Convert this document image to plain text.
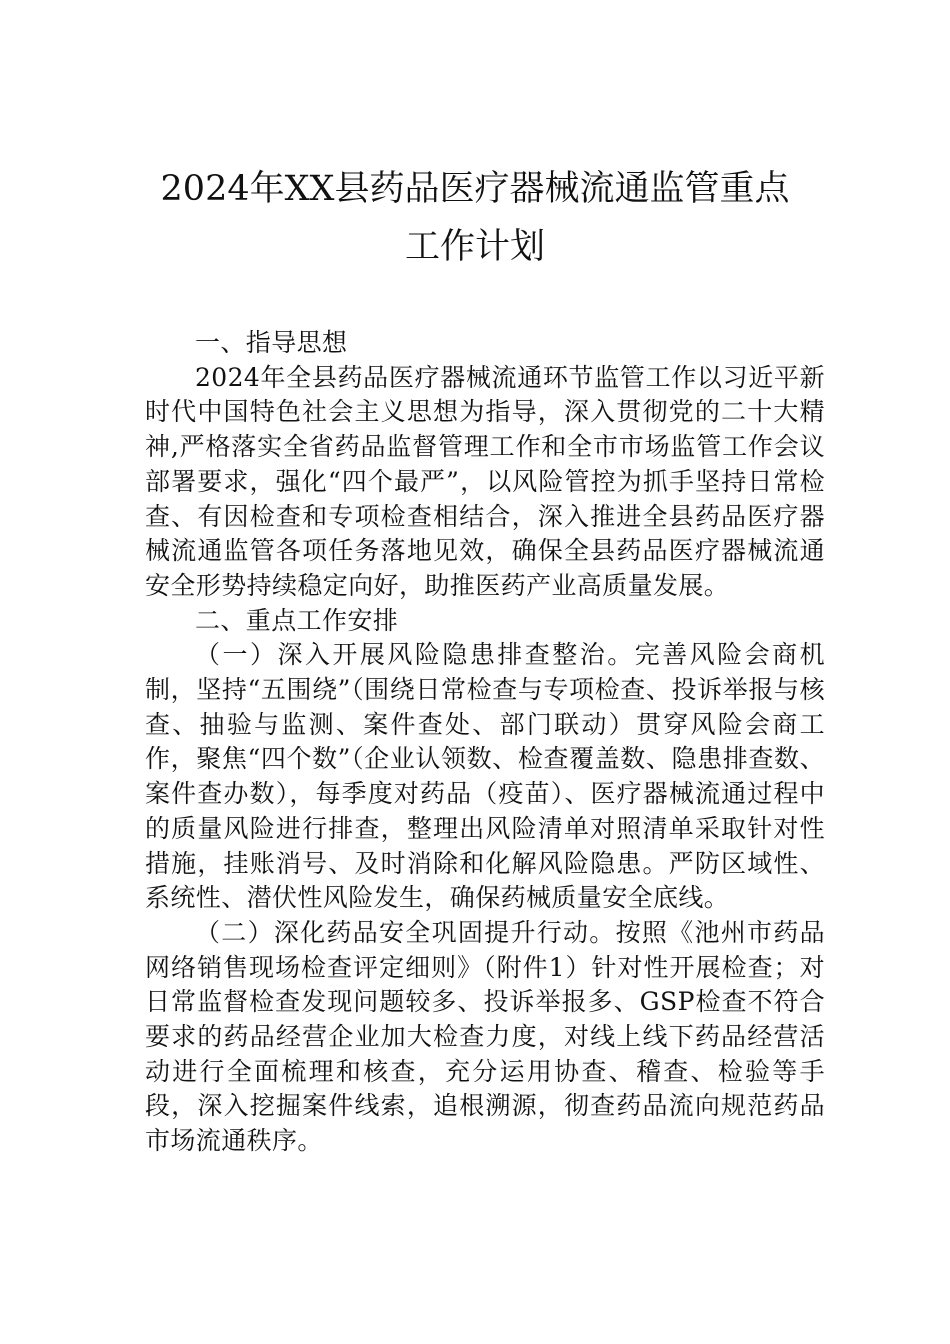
2024年XX县药品医疗器械流通监管重点
工作计划
一、指导思想

2024年全县药品医疗器械流通环节监管工作以习近平新时代中国特色社会主义思想为指导，深入贯彻党的二十大精神,严格落实全省药品监督管理工作和全市市场监管工作会议部署要求，强化“四个最严”，以风险管控为抓手坚持日常检查、有因检查和专项检查相结合，深入推进全县药品医疗器械流通监管各项任务落地见效，确保全县药品医疗器械流通安全形势持续稳定向好，助推医药产业高质量发展。

二、重点工作安排

（一）深入开展风险隐患排查整治。完善风险会商机制，坚持“五围绕”（围绕日常检查与专项检查、投诉举报与核查、抽验与监测、案件查处、部门联动）贯穿风险会商工作，聚焦“四个数”（企业认领数、检查覆盖数、隐患排查数、案件查办数），每季度对药品（疫苗）、医疗器械流通过程中的质量风险进行排查，整理出风险清单对照清单采取针对性措施，挂账消号、及时消除和化解风险隐患。严防区域性、系统性、潜伏性风险发生，确保药械质量安全底线。

（二）深化药品安全巩固提升行动。按照《池州市药品网络销售现场检查评定细则》（附件1）针对性开展检查；对日常监督检查发现问题较多、投诉举报多、GSP检查不符合要求的药品经营企业加大检查力度，对线上线下药品经营活动进行全面梳理和核查，充分运用协查、稽查、检验等手段，深入挖掘案件线索，追根溯源，彻查药品流向规范药品市场流通秩序。
